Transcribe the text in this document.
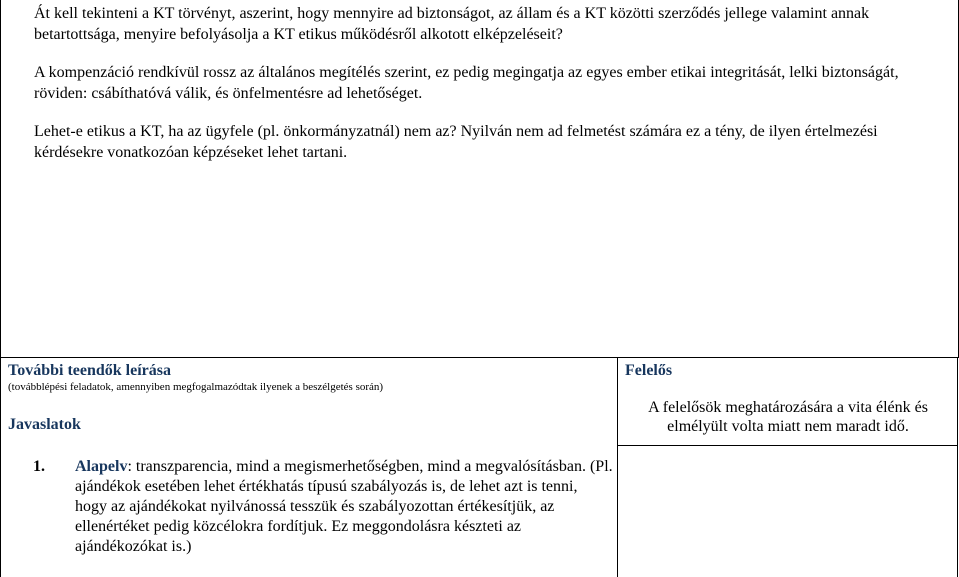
Át kell tekinteni a KT törvényt, aszerint, hogy mennyire ad biztonságot, az állam és a KT közötti szerződés jellege valamint annak betartottsága, menyire befolyásolja a KT etikus működésről alkotott elképzeléseit?

A kompenzáció rendkívül rossz az általános megítélés szerint, ez pedig megingatja az egyes ember etikai integritását, lelki biztonságát, röviden: csábíthatóvá válik, és önfelmentésre ad lehetőséget.

Lehet-e etikus a KT, ha az ügyfele (pl. önkormányzatnál) nem az? Nyilván nem ad felmetést számára ez a tény, de ilyen értelmezési kérdésekre vonatkozóan képzéseket lehet tartani.

További teendők leírása

(továbblépési feladatok, amennyiben megfogalmazódtak ilyenek a beszélgetés során)

Javaslatok

Felelős

A felelősök meghatározására a vita élénk és elmélyült volta miatt nem maradt idő.

1. Alapelv: transzparencia, mind a megismerhetőségben, mind a megvalósításban. (Pl. ajándékok esetében lehet értékhatás típusú szabályozás is, de lehet azt is tenni, hogy az ajándékokat nyilvánossá tesszük és szabályozottan értékesítjük, az ellenértéket pedig közcélokra fordítjuk. Ez meggondolásra készteti az ajándékozókat is.)
